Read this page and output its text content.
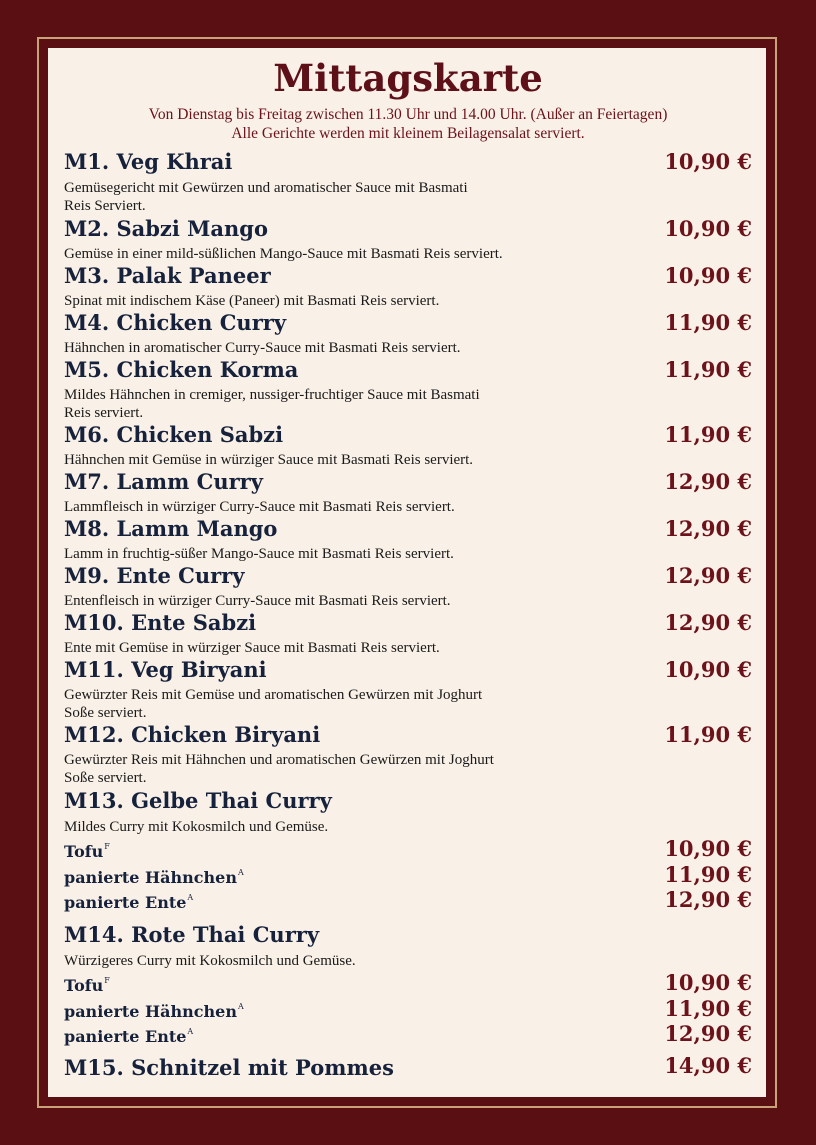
Mittagskarte
Von Dienstag bis Freitag zwischen 11.30 Uhr und 14.00 Uhr. (Außer an Feiertagen)
Alle Gerichte werden mit kleinem Beilagensalat serviert.
M1. Veg Khrai	10,90 €
Gemüsegericht mit Gewürzen und aromatischer Sauce mit Basmati
Reis Serviert.
M2. Sabzi Mango	10,90 €
Gemüse in einer mild-süßlichen Mango-Sauce mit Basmati Reis serviert.
M3. Palak Paneer	10,90 €
Spinat mit indischem Käse (Paneer) mit Basmati Reis serviert.
M4. Chicken Curry	11,90 €
Hähnchen in aromatischer Curry-Sauce mit Basmati Reis serviert.
M5. Chicken Korma	11,90 €
Mildes Hähnchen in cremiger, nussiger-fruchtiger Sauce mit Basmati
Reis serviert.
M6. Chicken Sabzi	11,90 €
Hähnchen mit Gemüse in würziger Sauce mit Basmati Reis serviert.
M7. Lamm Curry	12,90 €
Lammfleisch in würziger Curry-Sauce mit Basmati Reis serviert.
M8. Lamm Mango	12,90 €
Lamm in fruchtig-süßer Mango-Sauce mit Basmati Reis serviert.
M9. Ente Curry	12,90 €
Entenfleisch in würziger Curry-Sauce mit Basmati Reis serviert.
M10. Ente Sabzi	12,90 €
Ente mit Gemüse in würziger Sauce mit Basmati Reis serviert.
M11. Veg Biryani	10,90 €
Gewürzter Reis mit Gemüse und aromatischen Gewürzen mit Joghurt
Soße serviert.
M12. Chicken Biryani	11,90 €
Gewürzter Reis mit Hähnchen und aromatischen Gewürzen mit Joghurt
Soße serviert.
M13. Gelbe Thai Curry
Mildes Curry mit Kokosmilch und Gemüse.
Tofu$^F$	10,90 €
panierte Hähnchen$^A$	11,90 €
panierte Ente$^A$	12,90 €
M14. Rote Thai Curry
Würzigeres Curry mit Kokosmilch und Gemüse.
Tofu$^F$	10,90 €
panierte Hähnchen$^A$	11,90 €
panierte Ente$^A$	12,90 €
M15. Schnitzel mit Pommes	14,90 €
